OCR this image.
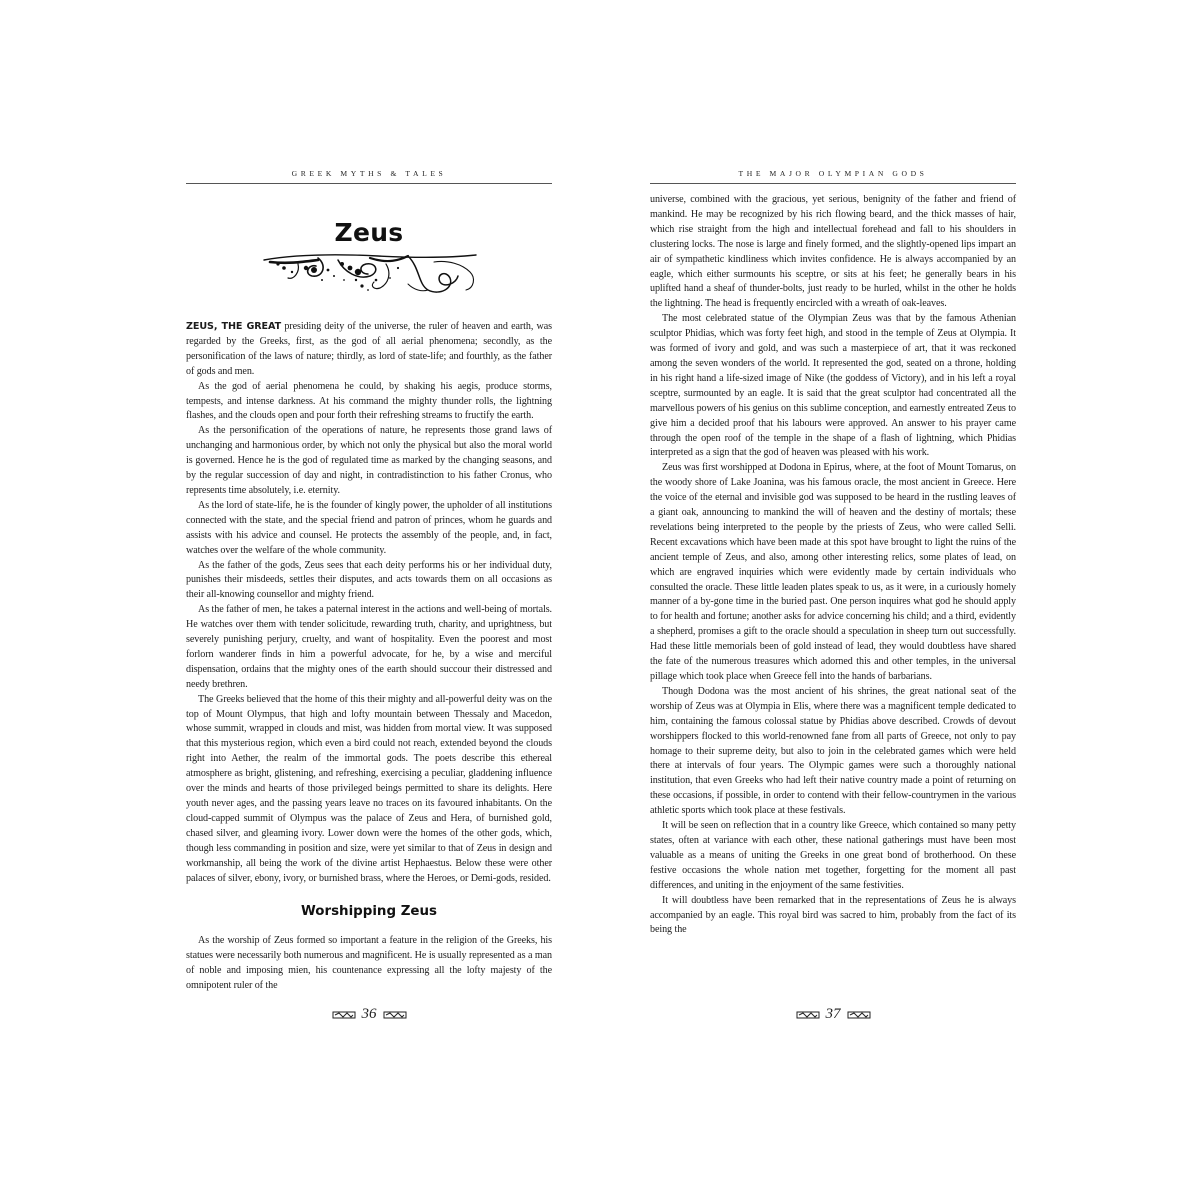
GREEK MYTHS & TALES
Zeus

ZEUS, THE GREAT presiding deity of the universe, the ruler of heaven and earth, was regarded by the Greeks, first, as the god of all aerial phenomena; secondly, as the personification of the laws of nature; thirdly, as lord of state-life; and fourthly, as the father of gods and men.

As the god of aerial phenomena he could, by shaking his aegis, produce storms, tempests, and intense darkness. At his command the mighty thunder rolls, the lightning flashes, and the clouds open and pour forth their refreshing streams to fructify the earth.

As the personification of the operations of nature, he represents those grand laws of unchanging and harmonious order, by which not only the physical but also the moral world is governed. Hence he is the god of regulated time as marked by the changing seasons, and by the regular succession of day and night, in contradistinction to his father Cronus, who represents time absolutely, i.e. eternity.

As the lord of state-life, he is the founder of kingly power, the upholder of all institutions connected with the state, and the special friend and patron of princes, whom he guards and assists with his advice and counsel. He protects the assembly of the people, and, in fact, watches over the welfare of the whole community.

As the father of the gods, Zeus sees that each deity performs his or her individual duty, punishes their misdeeds, settles their disputes, and acts towards them on all occasions as their all-knowing counsellor and mighty friend.

As the father of men, he takes a paternal interest in the actions and well-being of mortals. He watches over them with tender solicitude, rewarding truth, charity, and uprightness, but severely punishing perjury, cruelty, and want of hospitality. Even the poorest and most forlorn wanderer finds in him a powerful advocate, for he, by a wise and merciful dispensation, ordains that the mighty ones of the earth should succour their distressed and needy brethren.

The Greeks believed that the home of this their mighty and all-powerful deity was on the top of Mount Olympus, that high and lofty mountain between Thessaly and Macedon, whose summit, wrapped in clouds and mist, was hidden from mortal view. It was supposed that this mysterious region, which even a bird could not reach, extended beyond the clouds right into Aether, the realm of the immortal gods. The poets describe this ethereal atmosphere as bright, glistening, and refreshing, exercising a peculiar, gladdening influence over the minds and hearts of those privileged beings permitted to share its delights. Here youth never ages, and the passing years leave no traces on its favoured inhabitants. On the cloud-capped summit of Olympus was the palace of Zeus and Hera, of burnished gold, chased silver, and gleaming ivory. Lower down were the homes of the other gods, which, though less commanding in position and size, were yet similar to that of Zeus in design and workmanship, all being the work of the divine artist Hephaestus. Below these were other palaces of silver, ebony, ivory, or burnished brass, where the Heroes, or Demi-gods, resided.

Worshipping Zeus

As the worship of Zeus formed so important a feature in the religion of the Greeks, his statues were necessarily both numerous and magnificent. He is usually represented as a man of noble and imposing mien, his countenance expressing all the lofty majesty of the omnipotent ruler of the

THE MAJOR OLYMPIAN GODS

universe, combined with the gracious, yet serious, benignity of the father and friend of mankind. He may be recognized by his rich flowing beard, and the thick masses of hair, which rise straight from the high and intellectual forehead and fall to his shoulders in clustering locks. The nose is large and finely formed, and the slightly-opened lips impart an air of sympathetic kindliness which invites confidence. He is always accompanied by an eagle, which either surmounts his sceptre, or sits at his feet; he generally bears in his uplifted hand a sheaf of thunder-bolts, just ready to be hurled, whilst in the other he holds the lightning. The head is frequently encircled with a wreath of oak-leaves.

The most celebrated statue of the Olympian Zeus was that by the famous Athenian sculptor Phidias, which was forty feet high, and stood in the temple of Zeus at Olympia. It was formed of ivory and gold, and was such a masterpiece of art, that it was reckoned among the seven wonders of the world. It represented the god, seated on a throne, holding in his right hand a life-sized image of Nike (the goddess of Victory), and in his left a royal sceptre, surmounted by an eagle. It is said that the great sculptor had concentrated all the marvellous powers of his genius on this sublime conception, and earnestly entreated Zeus to give him a decided proof that his labours were approved. An answer to his prayer came through the open roof of the temple in the shape of a flash of lightning, which Phidias interpreted as a sign that the god of heaven was pleased with his work.

Zeus was first worshipped at Dodona in Epirus, where, at the foot of Mount Tomarus, on the woody shore of Lake Joanina, was his famous oracle, the most ancient in Greece. Here the voice of the eternal and invisible god was supposed to be heard in the rustling leaves of a giant oak, announcing to mankind the will of heaven and the destiny of mortals; these revelations being interpreted to the people by the priests of Zeus, who were called Selli. Recent excavations which have been made at this spot have brought to light the ruins of the ancient temple of Zeus, and also, among other interesting relics, some plates of lead, on which are engraved inquiries which were evidently made by certain individuals who consulted the oracle. These little leaden plates speak to us, as it were, in a curiously homely manner of a by-gone time in the buried past. One person inquires what god he should apply to for health and fortune; another asks for advice concerning his child; and a third, evidently a shepherd, promises a gift to the oracle should a speculation in sheep turn out successfully. Had these little memorials been of gold instead of lead, they would doubtless have shared the fate of the numerous treasures which adorned this and other temples, in the universal pillage which took place when Greece fell into the hands of barbarians.

Though Dodona was the most ancient of his shrines, the great national seat of the worship of Zeus was at Olympia in Elis, where there was a magnificent temple dedicated to him, containing the famous colossal statue by Phidias above described. Crowds of devout worshippers flocked to this world-renowned fane from all parts of Greece, not only to pay homage to their supreme deity, but also to join in the celebrated games which were held there at intervals of four years. The Olympic games were such a thoroughly national institution, that even Greeks who had left their native country made a point of returning on these occasions, if possible, in order to contend with their fellow-countrymen in the various athletic sports which took place at these festivals.

It will be seen on reflection that in a country like Greece, which contained so many petty states, often at variance with each other, these national gatherings must have been most valuable as a means of uniting the Greeks in one great bond of brotherhood. On these festive occasions the whole nation met together, forgetting for the moment all past differences, and uniting in the enjoyment of the same festivities.

It will doubtless have been remarked that in the representations of Zeus he is always accompanied by an eagle. This royal bird was sacred to him, probably from the fact of its being the

36	37
